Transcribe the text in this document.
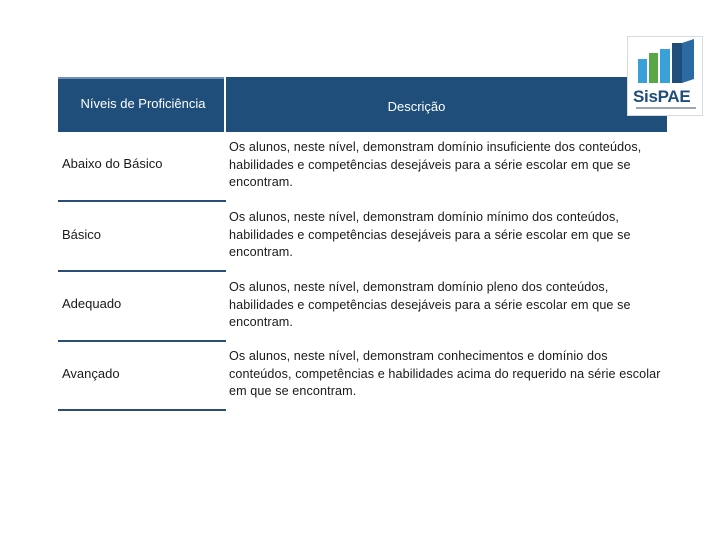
Níveis de Proficiência	Descrição
Abaixo do Básico
Os alunos, neste nível, demonstram domínio insuficiente dos conteúdos, habilidades e competências desejáveis para a série escolar em que se encontram.
Básico
Os alunos, neste nível, demonstram domínio mínimo dos conteúdos, habilidades e competências desejáveis para a série escolar em que se encontram.
Adequado
Os alunos, neste nível, demonstram domínio pleno dos conteúdos, habilidades e competências desejáveis para a série escolar em que se encontram.
Avançado
Os alunos, neste nível, demonstram conhecimentos e domínio dos conteúdos, competências e habilidades acima do requerido na série escolar em que se encontram.
SisPAE
